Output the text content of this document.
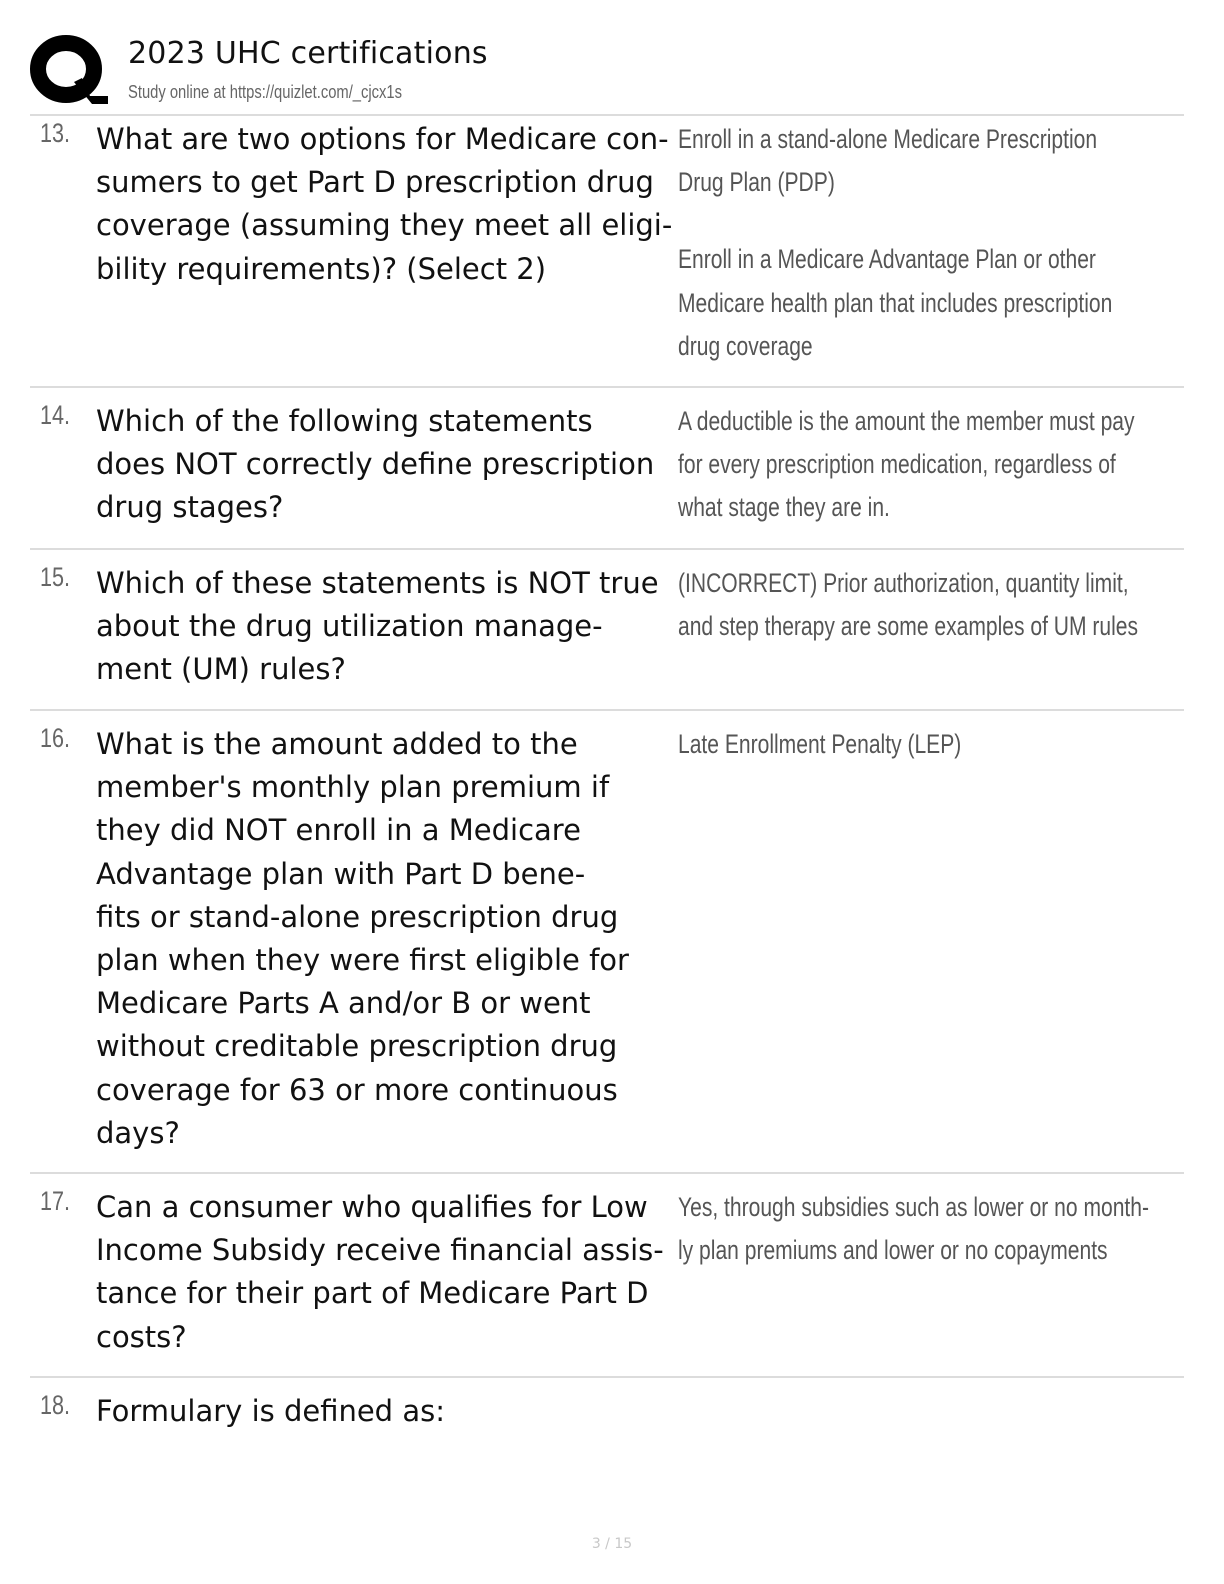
2023 UHC certifications
Study online at https://quizlet.com/_cjcx1s
13. What are two options for Medicare con-
sumers to get Part D prescription drug
coverage (assuming they meet all eligi-
bility requirements)? (Select 2)
Enroll in a stand-alone Medicare Prescription
Drug Plan (PDP)
Enroll in a Medicare Advantage Plan or other
Medicare health plan that includes prescription
drug coverage
14. Which of the following statements
does NOT correctly define prescription
drug stages?
A deductible is the amount the member must pay
for every prescription medication, regardless of
what stage they are in.
15. Which of these statements is NOT true
about the drug utilization manage-
ment (UM) rules?
(INCORRECT) Prior authorization, quantity limit,
and step therapy are some examples of UM rules
16. What is the amount added to the
member's monthly plan premium if
they did NOT enroll in a Medicare
Advantage plan with Part D bene-
fits or stand-alone prescription drug
plan when they were first eligible for
Medicare Parts A and/or B or went
without creditable prescription drug
coverage for 63 or more continuous
days?
Late Enrollment Penalty (LEP)
17. Can a consumer who qualifies for Low
Income Subsidy receive financial assis-
tance for their part of Medicare Part D
costs?
Yes, through subsidies such as lower or no month-
ly plan premiums and lower or no copayments
18. Formulary is defined as:
3 / 15
